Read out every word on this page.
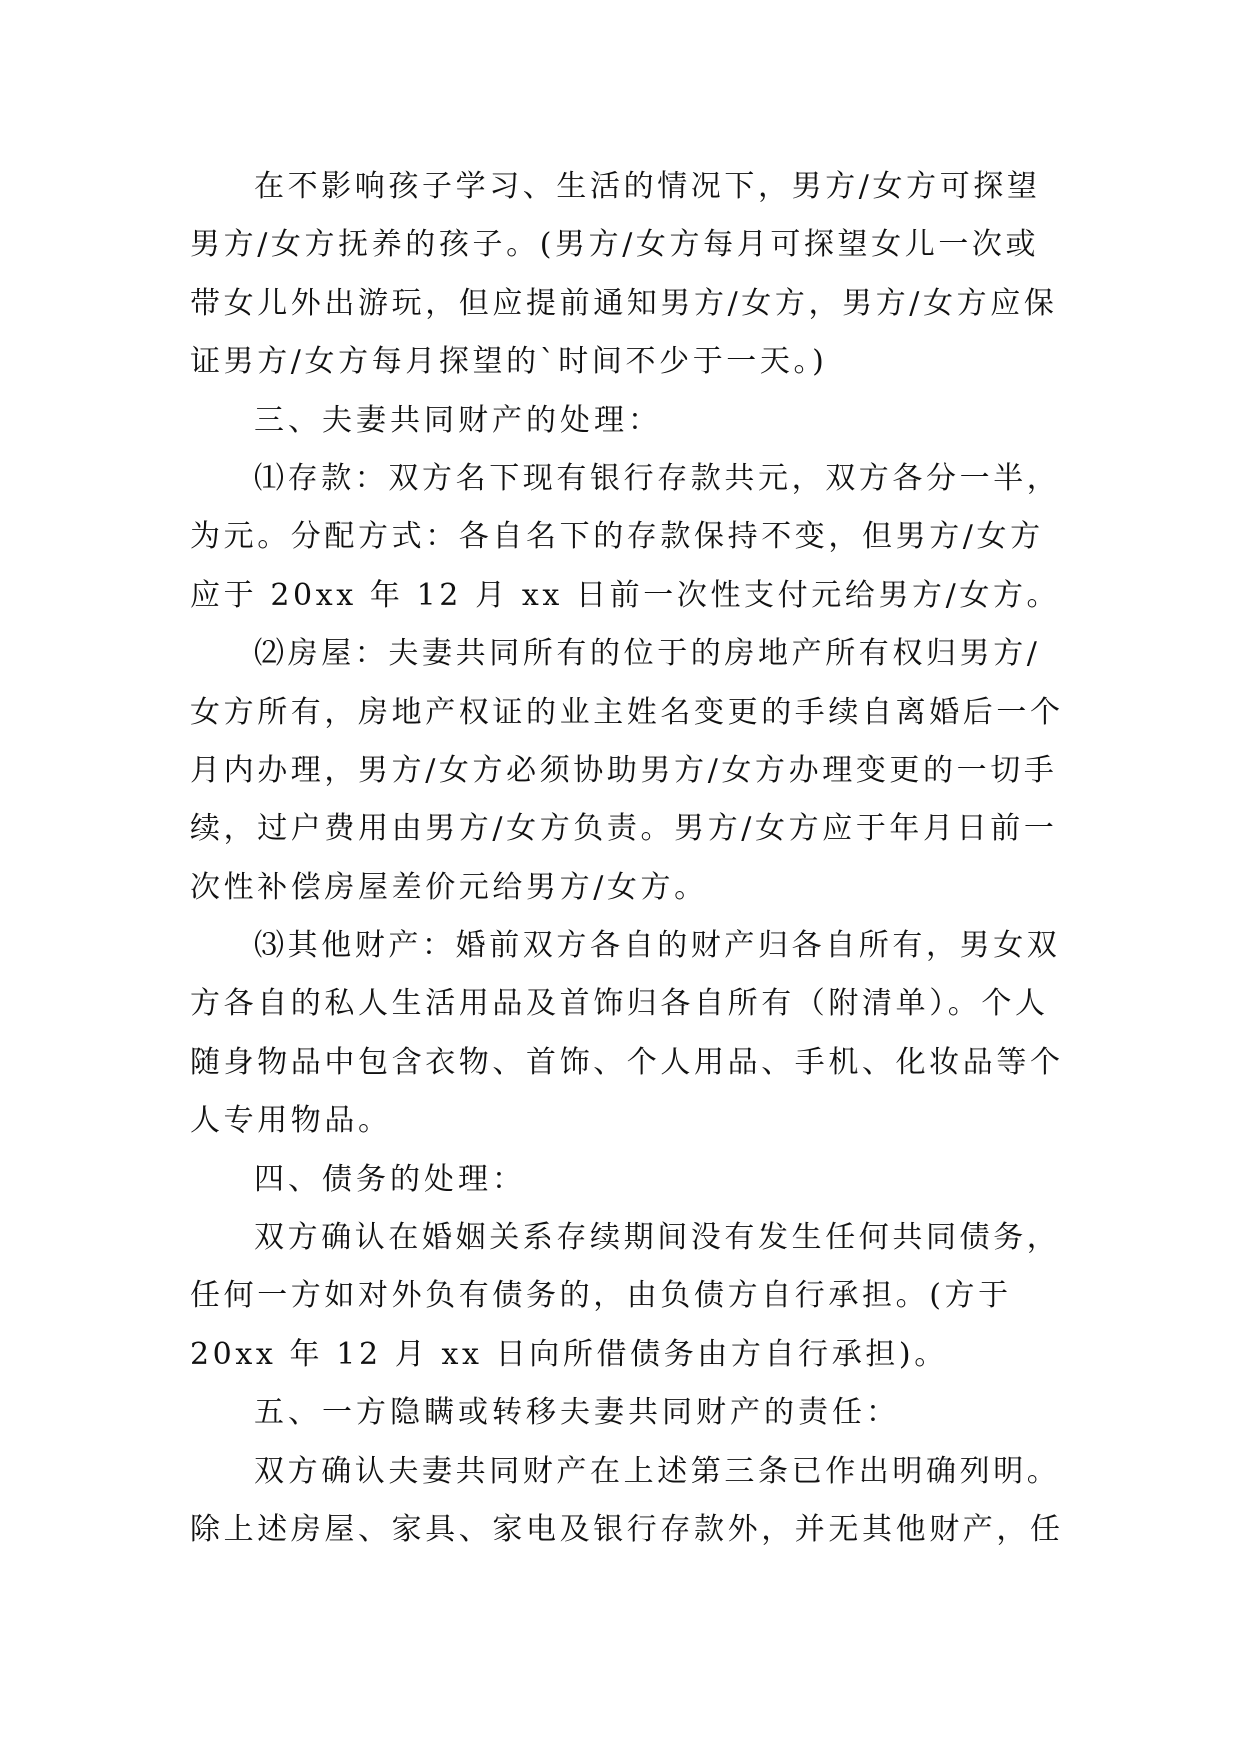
在不影响孩子学习、生活的情况下，男方/女方可探望
男方/女方抚养的孩子。(男方/女方每月可探望女儿一次或
带女儿外出游玩，但应提前通知男方/女方，男方/女方应保
证男方/女方每月探望的`时间不少于一天。)
三、夫妻共同财产的处理：
⑴存款：双方名下现有银行存款共元，双方各分一半，
为元。分配方式：各自名下的存款保持不变，但男方/女方
应于 20xx 年 12 月 xx 日前一次性支付元给男方/女方。
⑵房屋：夫妻共同所有的位于的房地产所有权归男方/
女方所有，房地产权证的业主姓名变更的手续自离婚后一个
月内办理，男方/女方必须协助男方/女方办理变更的一切手
续，过户费用由男方/女方负责。男方/女方应于年月日前一
次性补偿房屋差价元给男方/女方。
⑶其他财产：婚前双方各自的财产归各自所有，男女双
方各自的私人生活用品及首饰归各自所有（附清单）。个人
随身物品中包含衣物、首饰、个人用品、手机、化妆品等个
人专用物品。
四、债务的处理：
双方确认在婚姻关系存续期间没有发生任何共同债务，
任何一方如对外负有债务的，由负债方自行承担。(方于
20xx 年 12 月 xx 日向所借债务由方自行承担)。
五、一方隐瞒或转移夫妻共同财产的责任：
双方确认夫妻共同财产在上述第三条已作出明确列明。
除上述房屋、家具、家电及银行存款外，并无其他财产，任
